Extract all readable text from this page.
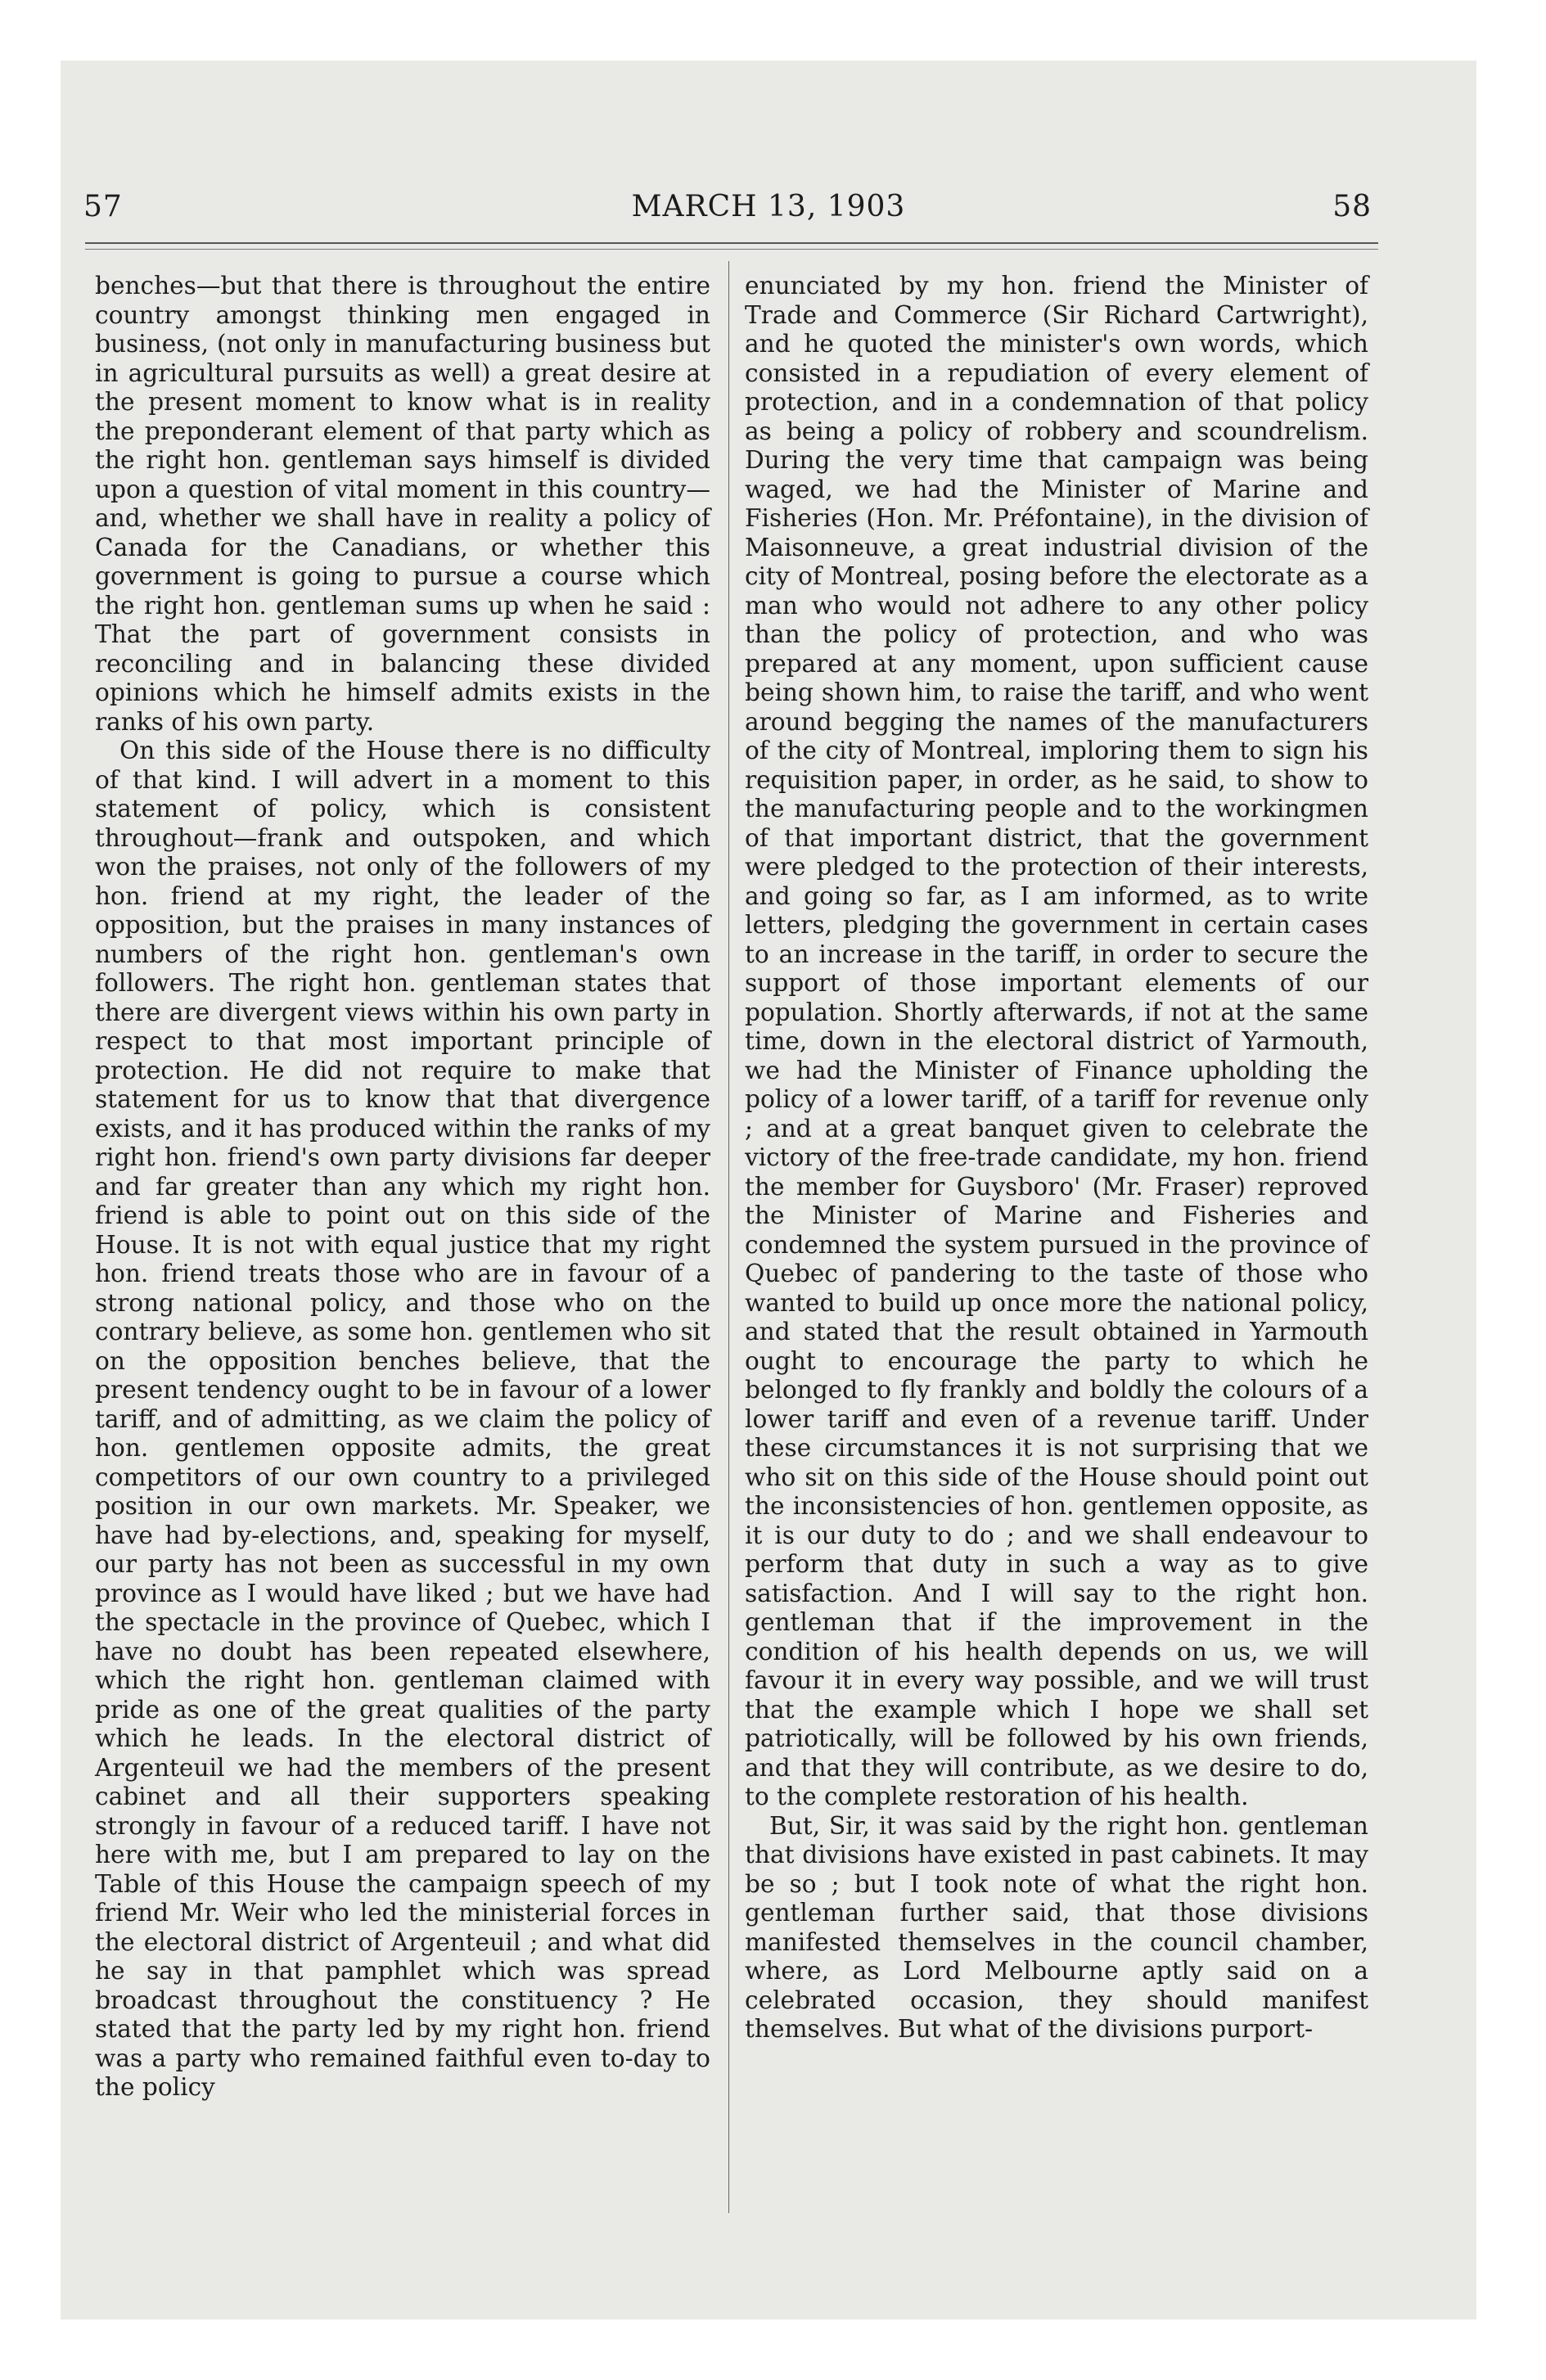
57	MARCH 13, 1903	58

benches—but that there is throughout the entire country amongst thinking men engaged in business, (not only in manufacturing business but in agricultural pursuits as well) a great desire at the present moment to know what is in reality the preponderant element of that party which as the right hon. gentleman says himself is divided upon a question of vital moment in this country—and, whether we shall have in reality a policy of Canada for the Canadians, or whether this government is going to pursue a course which the right hon. gentleman sums up when he said : That the part of government consists in reconciling and in balancing these divided opinions which he himself admits exists in the ranks of his own party.

On this side of the House there is no difficulty of that kind. I will advert in a moment to this statement of policy, which is consistent throughout—frank and outspoken, and which won the praises, not only of the followers of my hon. friend at my right, the leader of the opposition, but the praises in many instances of numbers of the right hon. gentleman's own followers. The right hon. gentleman states that there are divergent views within his own party in respect to that most important principle of protection. He did not require to make that statement for us to know that that divergence exists, and it has produced within the ranks of my right hon. friend's own party divisions far deeper and far greater than any which my right hon. friend is able to point out on this side of the House. It is not with equal justice that my right hon. friend treats those who are in favour of a strong national policy, and those who on the contrary believe, as some hon. gentlemen who sit on the opposition benches believe, that the present tendency ought to be in favour of a lower tariff, and of admitting, as we claim the policy of hon. gentlemen opposite admits, the great competitors of our own country to a privileged position in our own markets. Mr. Speaker, we have had by-elections, and, speaking for myself, our party has not been as successful in my own province as I would have liked ; but we have had the spectacle in the province of Quebec, which I have no doubt has been repeated elsewhere, which the right hon. gentleman claimed with pride as one of the great qualities of the party which he leads. In the electoral district of Argenteuil we had the members of the present cabinet and all their supporters speaking strongly in favour of a reduced tariff. I have not here with me, but I am prepared to lay on the Table of this House the campaign speech of my friend Mr. Weir who led the ministerial forces in the electoral district of Argenteuil ; and what did he say in that pamphlet which was spread broadcast throughout the constituency ? He stated that the party led by my right hon. friend was a party who remained faithful even to-day to the policy

enunciated by my hon. friend the Minister of Trade and Commerce (Sir Richard Cartwright), and he quoted the minister's own words, which consisted in a repudiation of every element of protection, and in a condemnation of that policy as being a policy of robbery and scoundrelism. During the very time that campaign was being waged, we had the Minister of Marine and Fisheries (Hon. Mr. Préfontaine), in the division of Maisonneuve, a great industrial division of the city of Montreal, posing before the electorate as a man who would not adhere to any other policy than the policy of protection, and who was prepared at any moment, upon sufficient cause being shown him, to raise the tariff, and who went around begging the names of the manufacturers of the city of Montreal, imploring them to sign his requisition paper, in order, as he said, to show to the manufacturing people and to the workingmen of that important district, that the government were pledged to the protection of their interests, and going so far, as I am informed, as to write letters, pledging the government in certain cases to an increase in the tariff, in order to secure the support of those important elements of our population. Shortly afterwards, if not at the same time, down in the electoral district of Yarmouth, we had the Minister of Finance upholding the policy of a lower tariff, of a tariff for revenue only ; and at a great banquet given to celebrate the victory of the free-trade candidate, my hon. friend the member for Guysboro' (Mr. Fraser) reproved the Minister of Marine and Fisheries and condemned the system pursued in the province of Quebec of pandering to the taste of those who wanted to build up once more the national policy, and stated that the result obtained in Yarmouth ought to encourage the party to which he belonged to fly frankly and boldly the colours of a lower tariff and even of a revenue tariff. Under these circumstances it is not surprising that we who sit on this side of the House should point out the inconsistencies of hon. gentlemen opposite, as it is our duty to do ; and we shall endeavour to perform that duty in such a way as to give satisfaction. And I will say to the right hon. gentleman that if the improvement in the condition of his health depends on us, we will favour it in every way possible, and we will trust that the example which I hope we shall set patriotically, will be followed by his own friends, and that they will contribute, as we desire to do, to the complete restoration of his health.

But, Sir, it was said by the right hon. gentleman that divisions have existed in past cabinets. It may be so ; but I took note of what the right hon. gentleman further said, that those divisions manifested themselves in the council chamber, where, as Lord Melbourne aptly said on a celebrated occasion, they should manifest themselves. But what of the divisions purport-
